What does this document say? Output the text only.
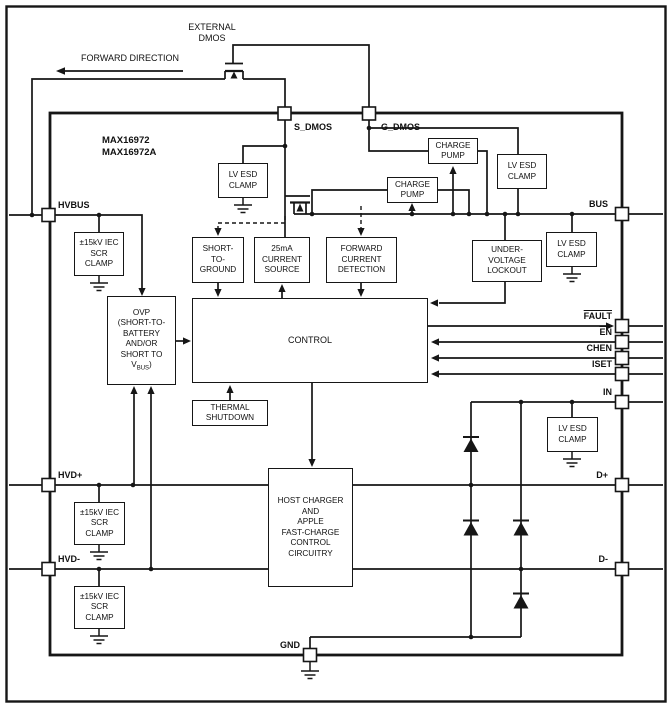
LV ESD
CLAMP
CHARGE
PUMP
CHARGE
PUMP
LV ESD
CLAMP
LV ESD
CLAMP
UNDER-
VOLTAGE
LOCKOUT
±15kV IEC
SCR
CLAMP
SHORT-
TO-
GROUND
25mA
CURRENT
SOURCE
FORWARD
CURRENT
DETECTION
OVP
(SHORT-TO-
BATTERY
AND/OR
SHORT TO
$V_{BUS}$)
CONTROL
THERMAL
SHUTDOWN
HOST CHARGER
AND
APPLE
FAST-CHARGE
CONTROL
CIRCUITRY
LV ESD
CLAMP
±15kV IEC
SCR
CLAMP
±15kV IEC
SCR
CLAMP
EXTERNAL
DMOS
FORWARD DIRECTION
MAX16972
MAX16972A
S_DMOS	G_DMOS
HVBUS	BUS
FAULT
$\overline{EN}$
CHEN
ISET
IN
D+
D-
HVD+
HVD-
GND
